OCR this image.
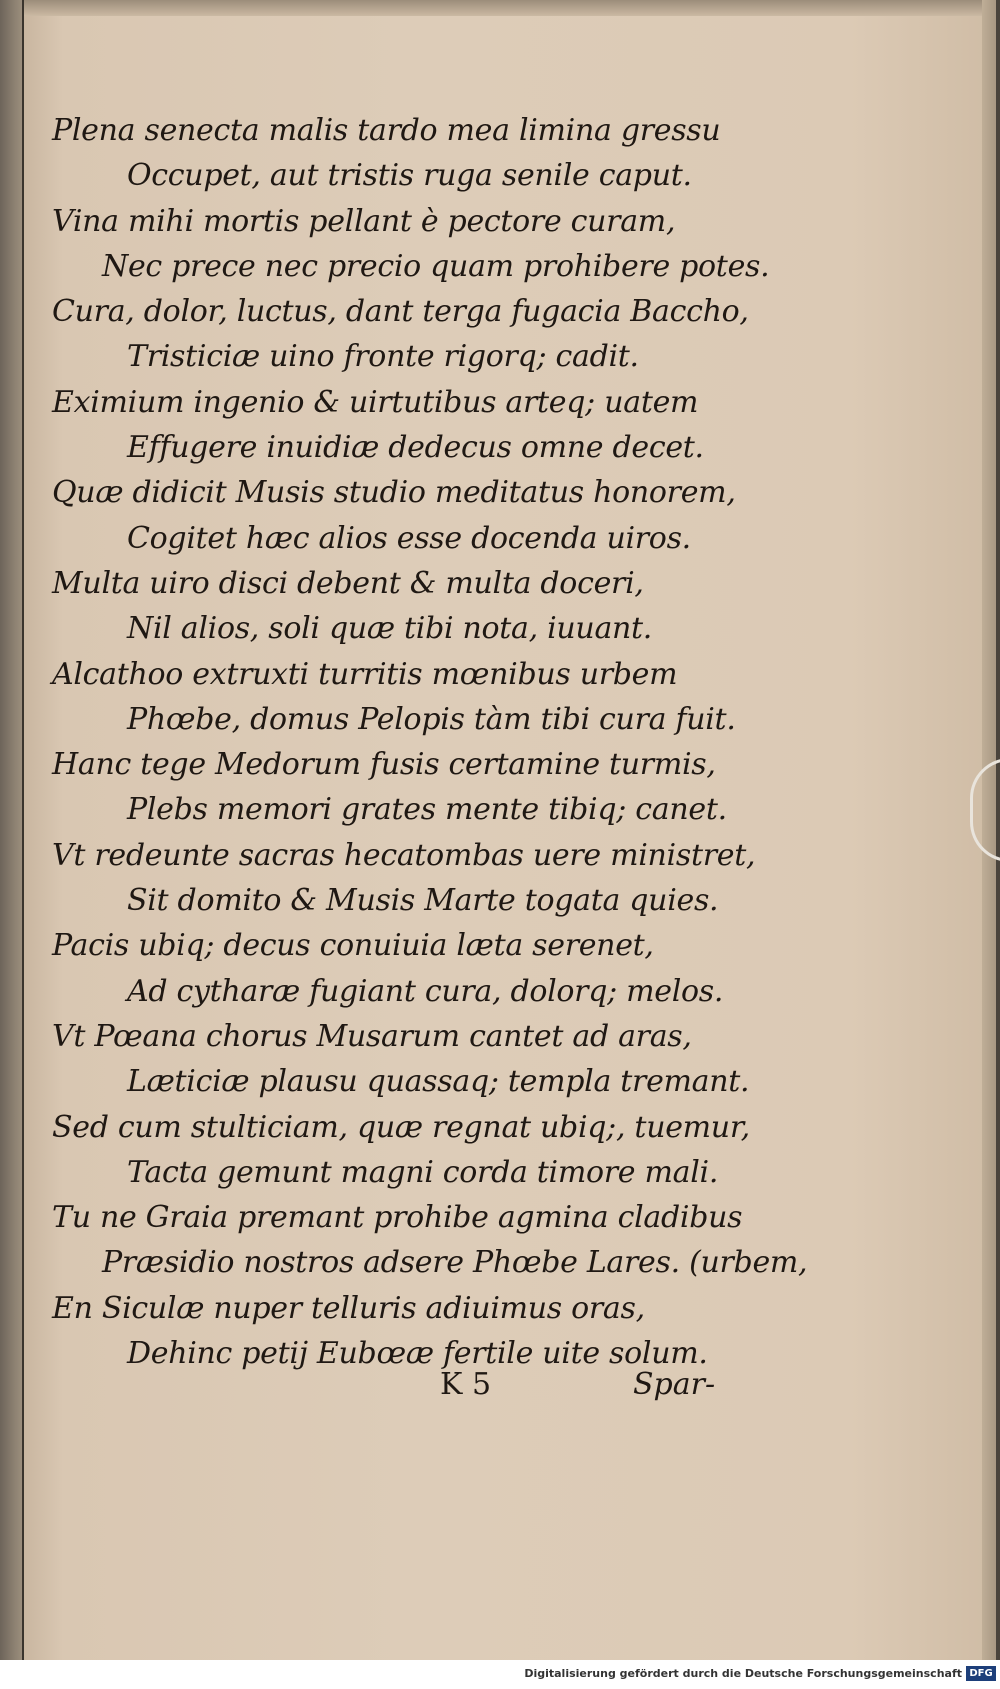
Plena senecta malis tardo mea limina gressu
Occupet, aut tristis ruga senile caput.
Vina mihi mortis pellant è pectore curam,
Nec prece nec precio quam prohibere potes.
Cura, dolor, luctus, dant terga fugacia Baccho,
Tristiciæ uino fronte rigorq; cadit.
Eximium ingenio & uirtutibus arteq; uatem
Effugere inuidiæ dedecus omne decet.
Quæ didicit Musis studio meditatus honorem,
Cogitet hæc alios esse docenda uiros.
Multa uiro disci debent & multa doceri,
Nil alios, soli quæ tibi nota, iuuant.
Alcathoo extruxti turritis mœnibus urbem
Phœbe, domus Pelopis tàm tibi cura fuit.
Hanc tege Medorum fusis certamine turmis,
Plebs memori grates mente tibiq; canet.
Vt redeunte sacras hecatombas uere ministret,
Sit domito & Musis Marte togata quies.
Pacis ubiq; decus conuiuia læta serenet,
Ad cytharæ fugiant cura, dolorq; melos.
Vt Pœana chorus Musarum cantet ad aras,
Læticiæ plausu quassaq; templa tremant.
Sed cum stulticiam, quæ regnat ubiq;, tuemur,
Tacta gemunt magni corda timore mali.
Tu ne Graia premant prohibe agmina cladibus
Præsidio nostros adsere Phœbe Lares. (urbem,
En Siculæ nuper telluris adiuimus oras,
Dehinc petij Eubœæ fertile uite solum.
K 5	Spar-
Digitalisierung gefördert durch die Deutsche Forschungsgemeinschaft DFG
